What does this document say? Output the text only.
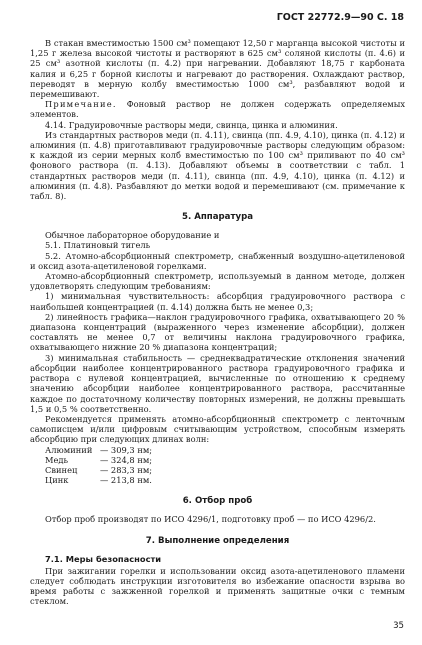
ГОСТ 22772.9—90 С. 18

В стакан вместимостью 1500 см³ помещают 12,50 г марганца высокой чистоты и 1,25 г железа высокой чистоты и растворяют в 625 см³ соляной кислоты (п. 4.6) и 25 см³ азотной кислоты (п. 4.2) при нагревании. Добавляют 18,75 г карбоната калия и 6,25 г борной кислоты и нагревают до растворения. Охлаждают раствор, переводят в мерную колбу вместимостью 1000 см³, разбавляют водой и перемешивают.

Примечание. Фоновый раствор не должен содержать определяемых элементов.

4.14. Градуировочные растворы меди, свинца, цинка и алюминия.

Из стандартных растворов меди (п. 4.11), свинца (пп. 4.9, 4.10), цинка (п. 4.12) и алюминия (п. 4.8) приготавливают градуировочные растворы следующим образом: к каждой из серии мерных колб вместимостью по 100 см³ приливают по 40 см³ фонового раствора (п. 4.13). Добавляют объемы в соответствии с табл. 1 стандартных растворов меди (п. 4.11), свинца (пп. 4.9, 4.10), цинка (п. 4.12) и алюминия (п. 4.8). Разбавляют до метки водой и перемешивают (см. примечание к табл. 8).

5. Аппаратура

Обычное лабораторное оборудование и

5.1. Платиновый тигель

5.2. Атомно-абсорбционный спектрометр, снабженный воздушно-ацетиленовой и оксид азота-ацетиленовой горелками.

Атомно-абсорбционный спектрометр, используемый в данном методе, должен удовлетворять следующим требованиям:

1) минимальная чувствительность: абсорбция градуировочного раствора с наибольшей концентрацией (п. 4.14) должна быть не менее 0,3;

2) линейность графика—наклон градуировочного графика, охватывающего 20 % диапазона концентраций (выраженного через изменение абсорбции), должен составлять не менее 0,7 от величины наклона градуировочного графика, охватывающего нижние 20 % диапазона концентраций;

3) минимальная стабильность — среднеквадратические отклонения значений абсорбции наиболее концентрированного раствора градуировочного графика и раствора с нулевой концентрацией, вычисленные по отношению к среднему значению абсорбции наиболее концентрированного раствора, рассчитанные каждое по достаточному количеству повторных измерений, не должны превышать 1,5 и 0,5 % соответственно.

Рекомендуется применять атомно-абсорбционный спектрометр с ленточным самописцем и/или цифровым считывающим устройством, способным измерять абсорбцию при следующих длинах волн:

Алюминий	— 309,3 нм;
Медь	— 324,8 нм;
Свинец	— 283,3 нм;
Цинк	— 213,8 нм.
6. Отбор проб

Отбор проб производят по ИСО 4296/1, подготовку проб — по ИСО 4296/2.

7. Выполнение определения
7.1. Меры безопасности

При зажигании горелки и использовании оксид азота-ацетиленового пламени следует соблюдать инструкции изготовителя во избежание опасности взрыва во время работы с зажженной горелкой и применять защитные очки с темным стеклом.

35
